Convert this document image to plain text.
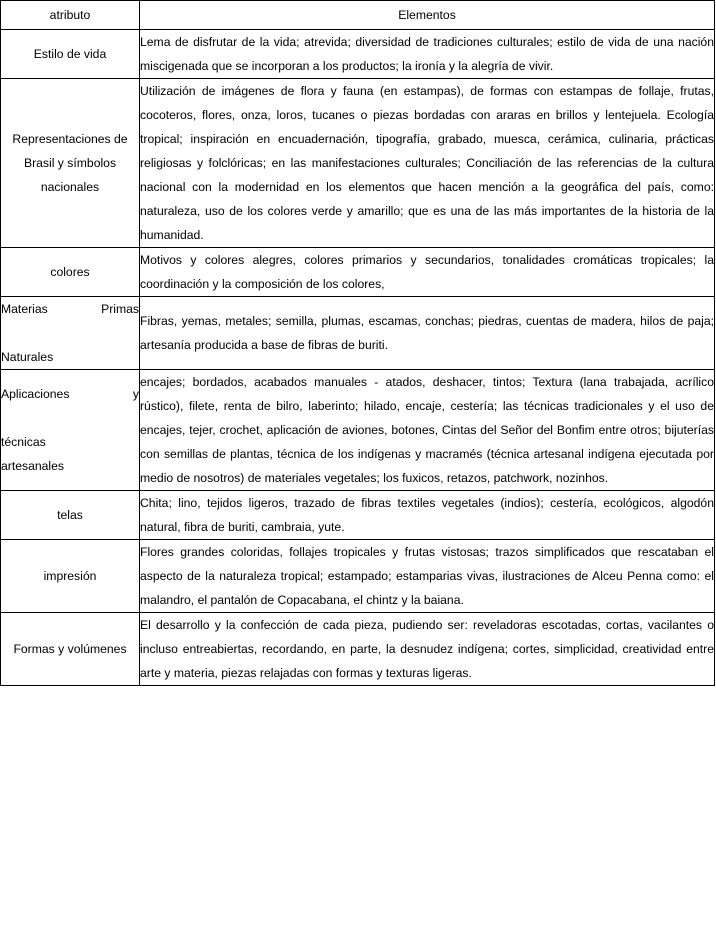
atributo	Elementos
Estilo de vida	Lema de disfrutar de la vida; atrevida; diversidad de tradiciones culturales; estilo de vida de una nación miscigenada que se incorporan a los productos; la ironía y la alegría de vivir.
Representaciones de Brasil y símbolos nacionales	Utilización de imágenes de flora y fauna (en estampas), de formas con estampas de follaje, frutas, cocoteros, flores, onza, loros, tucanes o piezas bordadas con araras en brillos y lentejuela. Ecología tropical; inspiración en encuadernación, tipografía, grabado, muesca, cerámica, culinaria, prácticas religiosas y folclóricas; en las manifestaciones culturales; Conciliación de las referencias de la cultura nacional con la modernidad en los elementos que hacen mención a la geográfica del país, como: naturaleza, uso de los colores verde y amarillo; que es una de las más importantes de la historia de la humanidad.
colores	Motivos y colores alegres, colores primarios y secundarios, tonalidades cromáticas tropicales; la coordinación y la composición de los colores,

Materias Primas
Naturales	Fibras, yemas, metales; semilla, plumas, escamas, conchas; piedras, cuentas de madera, hilos de paja; artesanía producida a base de fibras de buriti.

Aplicaciones y
técnicas
artesanales	encajes; bordados, acabados manuales - atados, deshacer, tintos; Textura (lana trabajada, acrílico rústico), filete, renta de bilro, laberinto; hilado, encaje, cestería; las técnicas tradicionales y el uso de encajes, tejer, crochet, aplicación de aviones, botones, Cintas del Señor del Bonfim entre otros; bijuterías con semillas de plantas, técnica de los indígenas y macramés (técnica artesanal indígena ejecutada por medio de nosotros) de materiales vegetales; los fuxicos, retazos, patchwork, nozinhos.
telas	Chita; lino, tejidos ligeros, trazado de fibras textiles vegetales (indios); cestería, ecológicos, algodón natural, fibra de buriti, cambraia, yute.
impresión	Flores grandes coloridas, follajes tropicales y frutas vistosas; trazos simplificados que rescataban el aspecto de la naturaleza tropical; estampado; estamparias vivas, ilustraciones de Alceu Penna como: el malandro, el pantalón de Copacabana, el chintz y la baiana.
Formas y volúmenes	El desarrollo y la confección de cada pieza, pudiendo ser: reveladoras escotadas, cortas, vacilantes o incluso entreabiertas, recordando, en parte, la desnudez indígena; cortes, simplicidad, creatividad entre arte y materia, piezas relajadas con formas y texturas ligeras.
